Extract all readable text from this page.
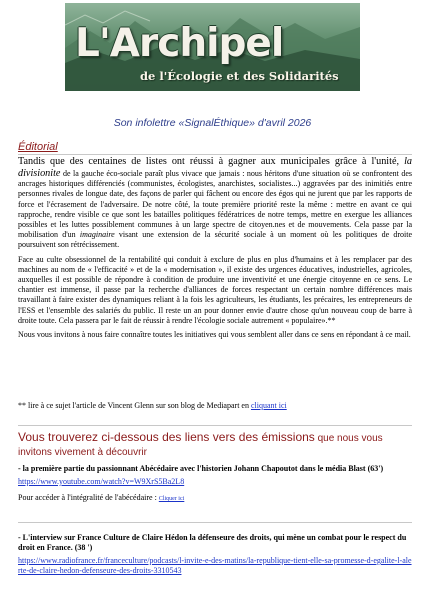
L'Archipel
de l'Écologie et des Solidarités
Son infolettre «SignalÉthique» d'avril 2026
Éditorial

Tandis que des centaines de listes ont réussi à gagner aux municipales grâce à l'unité, la divisionite de la gauche éco-sociale paraît plus vivace que jamais : nous héritons d'une situation où se confrontent des ancrages historiques différenciés (communistes, écologistes, anarchistes, socialistes...) aggravées par des inimitiés entre personnes rivales de longue date, des façons de parler qui fâchent ou encore des égos qui ne jurent que par les rapports de force et l'écrasement de l'adversaire. De notre côté, la toute première priorité reste la même : mettre en avant ce qui rapproche, rendre visible ce que sont les batailles politiques fédératrices de notre temps, mettre en exergue les alliances possibles et les luttes possiblement communes à un large spectre de citoyen.nes et de mouvements. Cela passe par la mobilisation d'un imaginaire visant une extension de la sécurité sociale à un moment où les politiques de droite poursuivent son rétrécissement.

Face au culte obsessionnel de la rentabilité qui conduit à exclure de plus en plus d'humains et à les remplacer par des machines au nom de « l'efficacité » et de la « modernisation », il existe des urgences éducatives, industrielles, agricoles, auxquelles il est possible de répondre à condition de produire une inventivité et une énergie citoyenne en ce sens. Le chantier est immense, il passe par la recherche d'alliances de forces respectant un certain nombre différences mais travaillant à faire exister des dynamiques reliant à la fois les agriculteurs, les étudiants, les précaires, les entrepreneurs de l'ESS et l'ensemble des salariés du public. Il reste un an pour donner envie d'autre chose qu'un nouveau coup de barre à droite toute. Cela passera par le fait de réussir à rendre l'écologie sociale autrement « populaire».**

Nous vous invitons à nous faire connaître toutes les initiatives qui vous semblent aller dans ce sens en répondant à ce mail.

** lire à ce sujet l'article de Vincent Glenn sur son blog de Mediapart en cliquant ici
Vous trouverez ci-dessous des liens vers des émissions que nous vous invitons vivement à découvrir

- la première partie du passionnant Abécédaire avec l'historien Johann Chapoutot dans le média Blast (63')

https://www.youtube.com/watch?v=W9XrS5Ba2L8

Pour accéder à l'intégralité de l'abécédaire : Cliquer ici

- L'interview sur France Culture de Claire Hédon la défenseure des droits, qui mène un combat pour le respect du droit en France. (38 ')

https://www.radiofrance.fr/franceculture/podcasts/l-invite-e-des-matins/la-republique-tient-elle-sa-promesse-d-egalite-l-alerte-de-claire-hedon-defenseure-des-droits-3310543
